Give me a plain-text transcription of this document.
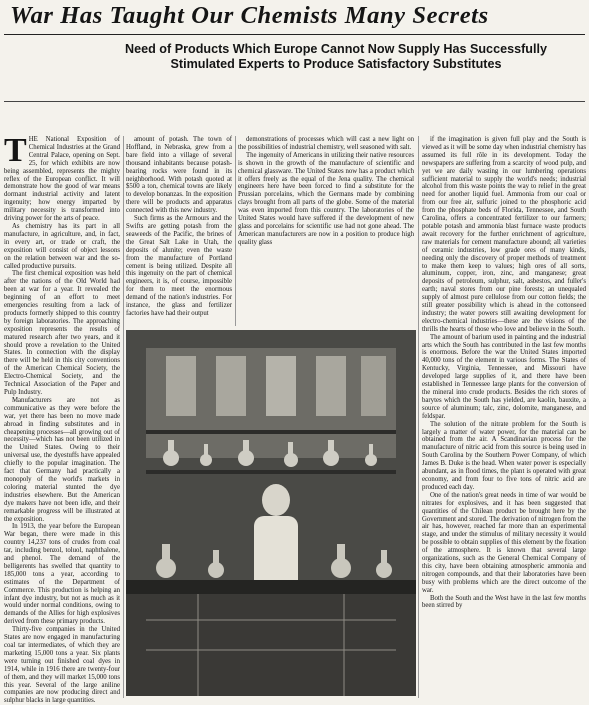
War Has Taught Our Chemists Many Secrets
Need of Products Which Europe Cannot Now Supply Has Successfully Stimulated Experts to Produce Satisfactory Substitutes

THE National Exposition of Chemical Industries at the Grand Central Palace, opening on Sept. 25, for which exhibits are now being assembled, represents the mighty reflex of the European conflict. It will demonstrate how the good of war means dormant industrial activity and latent ingenuity; how energy imparted by military necessity is transformed into driving power for the arts of peace.

As chemistry has its part in all manufacture, in agriculture, and, in fact, in every art, or trade or craft, the exposition will consist of object lessons on the relation between war and the so-called productive pursuits.

The first chemical exposition was held after the nations of the Old World had been at war for a year. It revealed the beginning of an effort to meet emergencies resulting from a lack of products formerly shipped to this country by foreign laboratories. The approaching exposition represents the results of matured research after two years, and it should prove a revelation to the United States. In connection with the display there will be held in this city conventions of the American Chemical Society, the Electro-Chemical Society, and the Technical Association of the Paper and Pulp Industry.

Manufacturers are not as communicative as they were before the war, yet there has been no move made abroad in finding substitutes and in cheapening processes—all growing out of necessity—which has not been utilized in the United States. Owing to their universal use, the dyestuffs have appealed chiefly to the popular imagination. The fact that Germany had practically a monopoly of the world's markets in coloring material stunted the dye industries elsewhere. But the American dye makers have not been idle, and their remarkable progress will be illustrated at the exposition.

In 1913, the year before the European War began, there were made in this country 14,237 tons of crudes from coal tar, including benzol, toluol, naphthalene, and phenol. The demand of the belligerents has swelled that quantity to 185,000 tons a year, according to estimates of the Department of Commerce. This production is helping an infant dye industry, but not as much as it would under normal conditions, owing to demands of the Allies for high explosives derived from these primary products.

Thirty-five companies in the United States are now engaged in manufacturing coal tar intermediates, of which they are marketing 15,000 tons a year. Six plants were turning out finished coal dyes in 1914, while in 1916 there are twenty-four of them, and they will market 15,000 tons this year. Several of the large aniline companies are now producing direct and sulphur blacks in large quantities.

amount of potash. The town of Hoffland, in Nebraska, grew from a bare field into a village of several thousand inhabitants because potash-bearing rocks were found in its neighborhood. With potash quoted at $500 a ton, chemical towns are likely to develop bonanzas. In the exposition there will be products and apparatus connected with this new industry.

Such firms as the Armours and the Swifts are getting potash from the seaweeds of the Pacific, the brines of the Great Salt Lake in Utah, the deposits of alunite; even the waste from the manufacture of Portland cement is being utilized. Despite all this ingenuity on the part of chemical engineers, it is, of course, impossible for them to meet the enormous demand of the nation's industries. For instance, the glass and fertilizer factories have had their output

demonstrations of processes which will cast a new light on the possibilities of industrial chemistry, well seasoned with salt.

The ingenuity of Americans in utilizing their native resources is shown in the growth of the manufacture of scientific and chemical glassware. The United States now has a product which it offers freely as the equal of the Jena quality. The chemical engineers here have been forced to find a substitute for the Prussian porcelains, which the Germans made by combining clays brought from all parts of the globe. Some of the material was even imported from this country. The laboratories of the United States would have suffered if the development of new glass and porcelains for scientific use had not gone ahead. The American manufacturers are now in a position to produce high quality glass

if the imagination is given full play and the South is viewed as it will be some day when industrial chemistry has assumed its full rôle in its development. Today the newspapers are suffering from a scarcity of wood pulp, and yet we are daily wasting in our lumbering operations sufficient material to supply the world's needs; industrial alcohol from this waste points the way to relief in the great need for another liquid fuel. Ammonia from our coal or from our free air, sulfuric joined to the phosphoric acid from the phosphate beds of Florida, Tennessee, and South Carolina, offers a concentrated fertilizer to our farmers; potable potash and ammonia blast furnace waste products await recovery for the further enrichment of agriculture, raw materials for cement manufacture abound; all varieties of ceramic industries, low grade ores of many kinds, needing only the discovery of proper methods of treatment to make them keep to values; high ores of all sorts, aluminum, copper, iron, zinc, and manganese; great deposits of petroleum, sulphur, salt, asbestos, and fuller's earth; naval stores from our pine forests; an unequaled supply of almost pure cellulose from our cotton fields; the still greater possibility which is ahead in the cottonseed industry; the water powers still awaiting development for electro-chemical industries—these are the visions of the thrills the hearts of those who love and believe in the South.

The amount of barium used in painting and the industrial arts which the South has contributed in the last few months is enormous. Before the war the United States imported 40,000 tons of the element in various forms. The States of Kentucky, Virginia, Tennessee, and Missouri have developed large supplies of it, and there have been established in Tennessee large plants for the conversion of the mineral into crude products. Besides the rich stores of barytes which the South has yielded, are kaolin, bauxite, a source of aluminum; talc, zinc, dolomite, manganese, and feldspar.

The solution of the nitrate problem for the South is largely a matter of water power, for the material can be obtained from the air. A Scandinavian process for the manufacture of nitric acid from this source is being used in South Carolina by the Southern Power Company, of which James B. Duke is the head. When water power is especially abundant, as in flood times, the plant is operated with great economy, and from four to five tons of nitric acid are produced each day.

One of the nation's great needs in time of war would be nitrates for explosives, and it has been suggested that quantities of the Chilean product be brought here by the Government and stored. The derivation of nitrogen from the air has, however, reached far more than an experimental stage, and under the stimulus of military necessity it would be possible to obtain supplies of this element by the fixation of the atmosphere. It is known that several large organizations, such as the General Chemical Company of this city, have been obtaining atmospheric ammonia and nitrogen compounds, and that their laboratories have been busy with problems which are the direct outcome of the war.

Both the South and the West have in the last few months been stirred by
